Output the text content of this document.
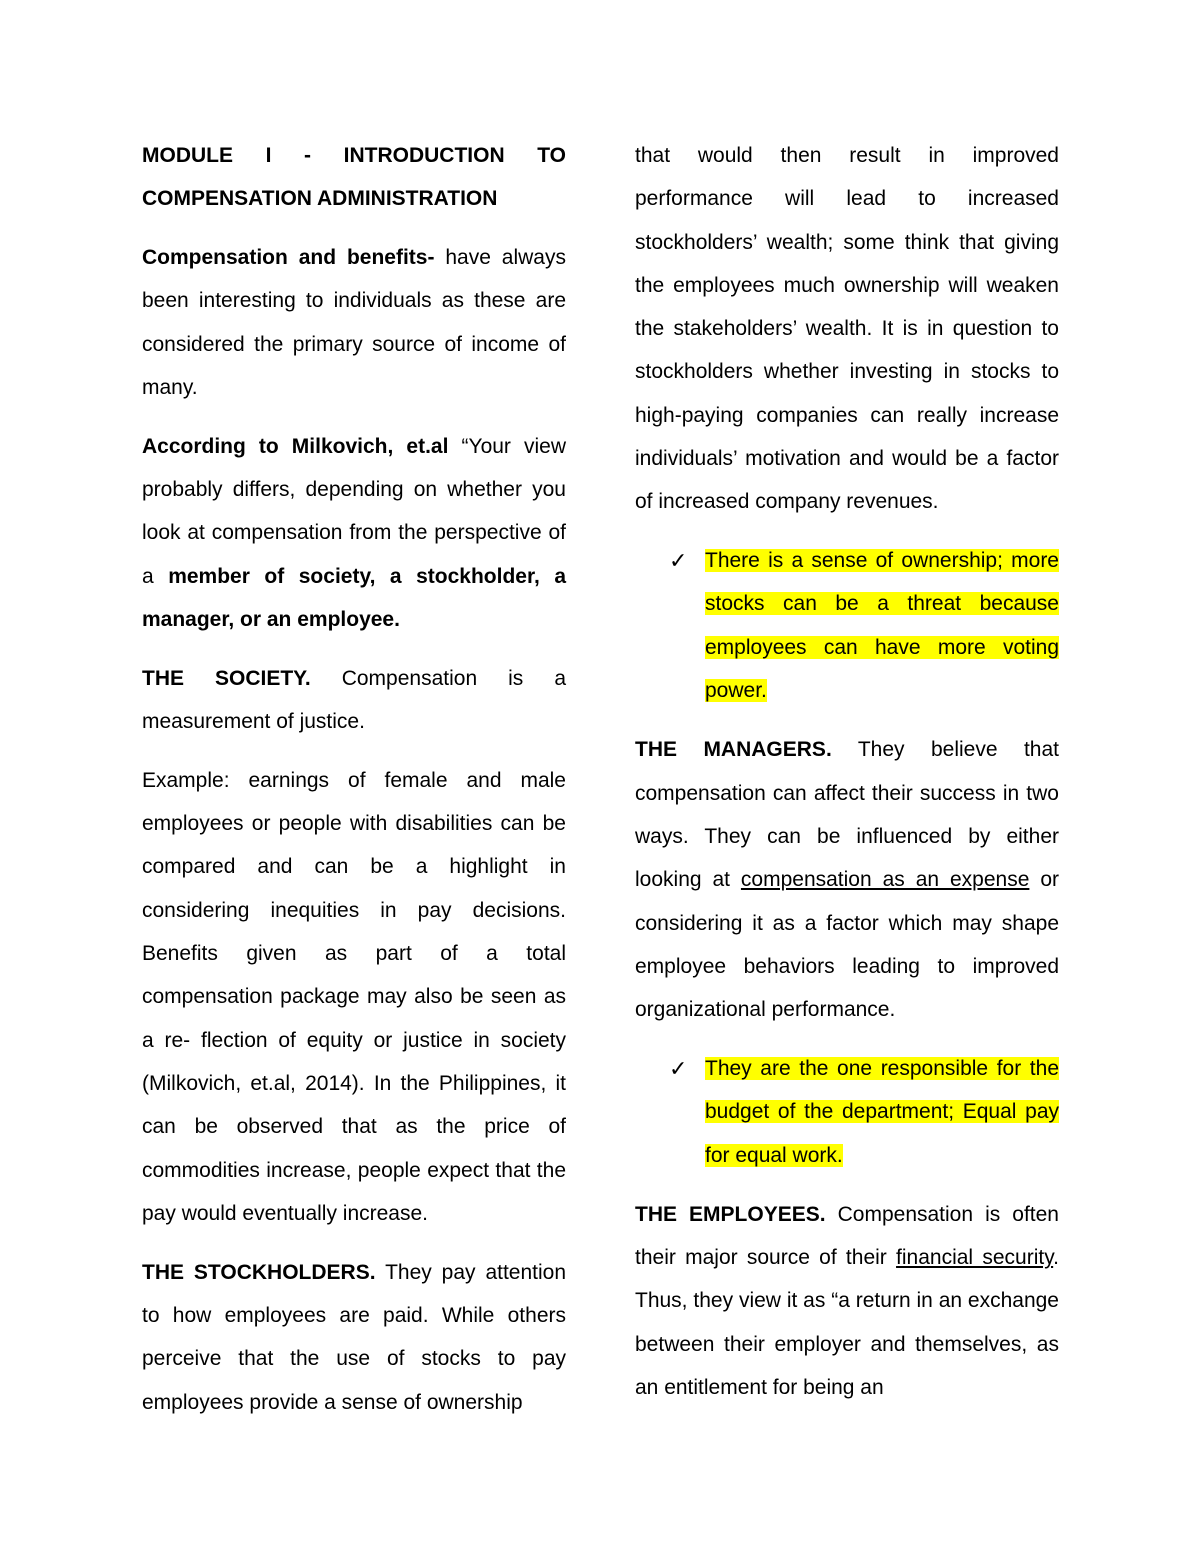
MODULE I - INTRODUCTION TO
COMPENSATION ADMINISTRATION

Compensation and benefits- have always been interesting to individuals as these are considered the primary source of income of many.

According to Milkovich, et.al “Your view probably differs, depending on whether you look at compensation from the perspective of a member of society, a stockholder, a manager, or an employee.

THE SOCIETY. Compensation is a measurement of justice.

Example: earnings of female and male employees or people with disabilities can be compared and can be a highlight in considering inequities in pay decisions. Benefits given as part of a total compensation package may also be seen as a re- flection of equity or justice in society (Milkovich, et.al, 2014). In the Philippines, it can be observed that as the price of commodities increase, people expect that the pay would eventually increase.

THE STOCKHOLDERS. They pay attention to how employees are paid. While others perceive that the use of stocks to pay employees provide a sense of ownership

that would then result in improved performance will lead to increased stockholders’ wealth; some think that giving the employees much ownership will weaken the stakeholders’ wealth. It is in question to stockholders whether investing in stocks to high-paying companies can really increase individuals’ motivation and would be a factor of increased company revenues.

✓ There is a sense of ownership; more stocks can be a threat because employees can have more voting power.

THE MANAGERS. They believe that compensation can affect their success in two ways. They can be influenced by either looking at compensation as an expense or considering it as a factor which may shape employee behaviors leading to improved organizational performance.

✓ They are the one responsible for the budget of the department; Equal pay for equal work.

THE EMPLOYEES. Compensation is often their major source of their financial security. Thus, they view it as “a return in an exchange between their employer and themselves, as an entitlement for being an
